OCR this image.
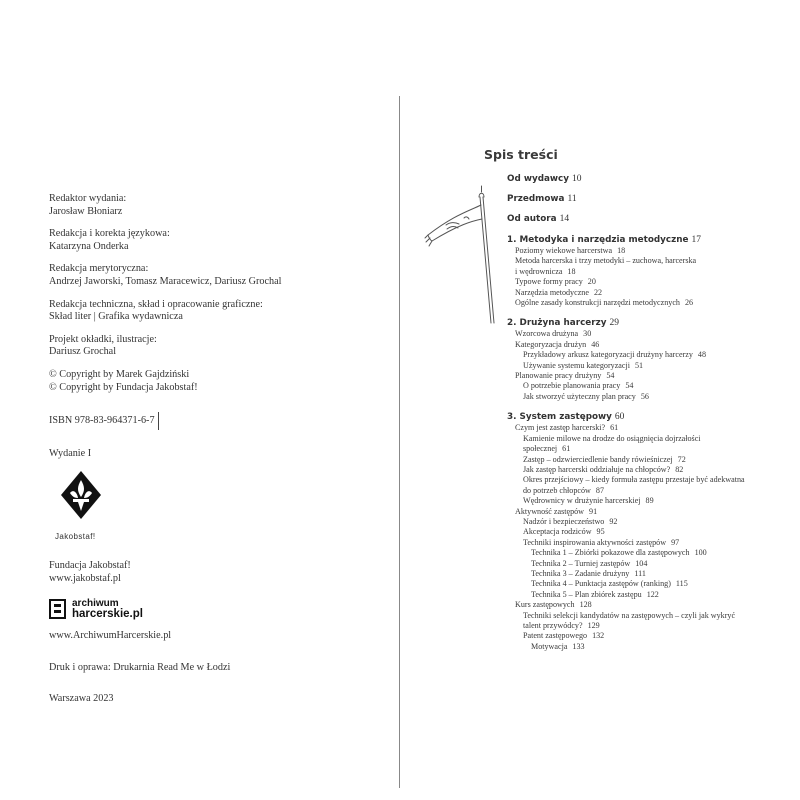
Redaktor wydania:
Jarosław Błoniarz
Redakcja i korekta językowa:
Katarzyna Onderka
Redakcja merytoryczna:
Andrzej Jaworski, Tomasz Maracewicz, Dariusz Grochal
Redakcja techniczna, skład i opracowanie graficzne:
Skład liter | Grafika wydawnicza
Projekt okładki, ilustracje:
Dariusz Grochal
© Copyright by Marek Gajdziński
© Copyright by Fundacja Jakobstaf!
ISBN 978-83-964371-6-7
Wydanie I
Jakobstaf!
Fundacja Jakobstaf!
www.jakobstaf.pl
archiwum
harcerskie.pl
www.ArchiwumHarcerskie.pl
Druk i oprawa: Drukarnia Read Me w Łodzi
Warszawa 2023
Spis treści
Od wydawcy 10
Przedmowa 11
Od autora 14
1. Metodyka i narzędzia metodyczne 17
Poziomy wiekowe harcerstwa 18
Metoda harcerska i trzy metodyki – zuchowa, harcerska
i wędrownicza 18
Typowe formy pracy 20
Narzędzia metodyczne 22
Ogólne zasady konstrukcji narzędzi metodycznych 26
2. Drużyna harcerzy 29
Wzorcowa drużyna 30
Kategoryzacja drużyn 46
Przykładowy arkusz kategoryzacji drużyny harcerzy 48
Używanie systemu kategoryzacji 51
Planowanie pracy drużyny 54
O potrzebie planowania pracy 54
Jak stworzyć użyteczny plan pracy 56
3. System zastępowy 60
Czym jest zastęp harcerski? 61
Kamienie milowe na drodze do osiągnięcia dojrzałości
społecznej 61
Zastęp – odzwierciedlenie bandy rówieśniczej 72
Jak zastęp harcerski oddziałuje na chłopców? 82
Okres przejściowy – kiedy formuła zastępu przestaje być adekwatna
do potrzeb chłopców 87
Wędrownicy w drużynie harcerskiej 89
Aktywność zastępów 91
Nadzór i bezpieczeństwo 92
Akceptacja rodziców 95
Techniki inspirowania aktywności zastępów 97
Technika 1 – Zbiórki pokazowe dla zastępowych 100
Technika 2 – Turniej zastępów 104
Technika 3 – Zadanie drużyny 111
Technika 4 – Punktacja zastępów (ranking) 115
Technika 5 – Plan zbiórek zastępu 122
Kurs zastępowych 128
Techniki selekcji kandydatów na zastępowych – czyli jak wykryć
talent przywódcy? 129
Patent zastępowego 132
Motywacja 133
